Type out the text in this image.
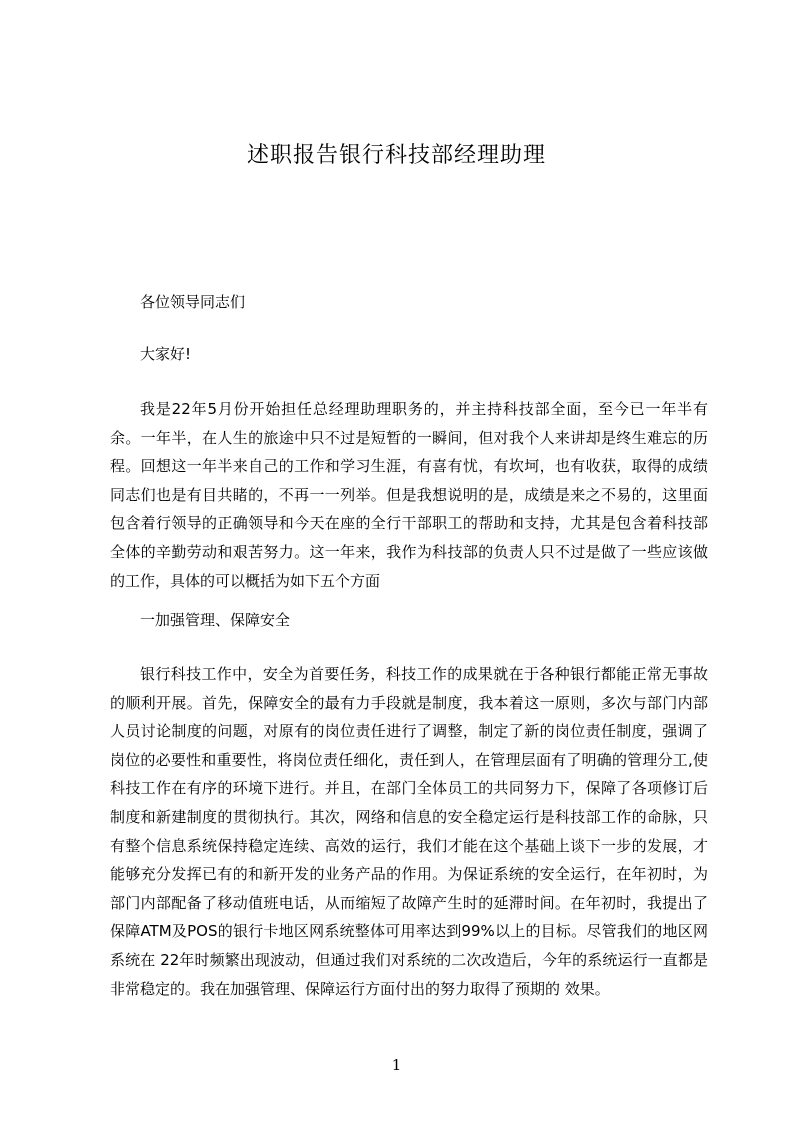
述职报告银行科技部经理助理

各位领导同志们

大家好!

我是22年5月份开始担任总经理助理职务的，并主持科技部全面，至今已一年半有余。一年半，在人生的旅途中只不过是短暂的一瞬间，但对我个人来讲却是终生难忘的历程。回想这一年半来自己的工作和学习生涯，有喜有忧，有坎坷，也有收获，取得的成绩同志们也是有目共睹的，不再一一列举。但是我想说明的是，成绩是来之不易的，这里面包含着行领导的正确领导和今天在座的全行干部职工的帮助和支持，尤其是包含着科技部全体的辛勤劳动和艰苦努力。这一年来，我作为科技部的负责人只不过是做了一些应该做的工作，具体的可以概括为如下五个方面

一加强管理、保障安全

银行科技工作中，安全为首要任务，科技工作的成果就在于各种银行都能正常无事故的顺利开展。首先，保障安全的最有力手段就是制度，我本着这一原则，多次与部门内部人员讨论制度的问题，对原有的岗位责任进行了调整，制定了新的岗位责任制度，强调了岗位的必要性和重要性，将岗位责任细化，责任到人，在管理层面有了明确的管理分工,使科技工作在有序的环境下进行。并且，在部门全体员工的共同努力下，保障了各项修订后制度和新建制度的贯彻执行。其次，网络和信息的安全稳定运行是科技部工作的命脉，只有整个信息系统保持稳定连续、高效的运行，我们才能在这个基础上谈下一步的发展，才能够充分发挥已有的和新开发的业务产品的作用。为保证系统的安全运行，在年初时，为部门内部配备了移动值班电话，从而缩短了故障产生时的延滞时间。在年初时，我提出了保障ATM及POS的银行卡地区网系统整体可用率达到99%以上的目标。尽管我们的地区网系统在 22年时频繁出现波动，但通过我们对系统的二次改造后，今年的系统运行一直都是非常稳定的。我在加强管理、保障运行方面付出的努力取得了预期的 效果。

1
